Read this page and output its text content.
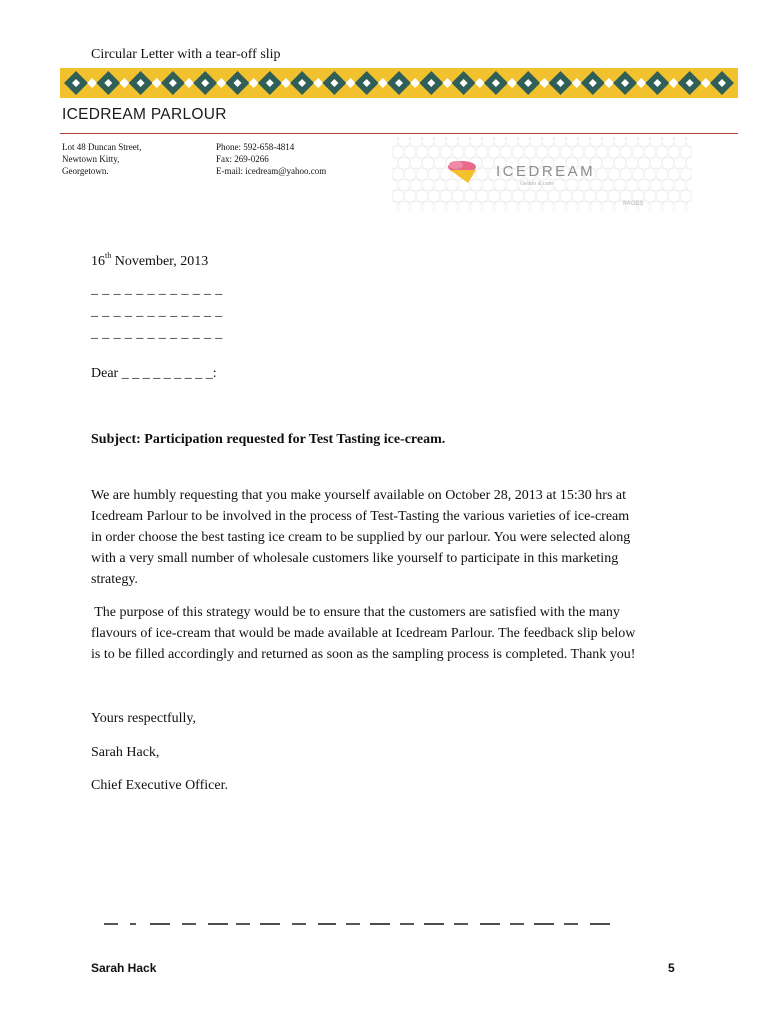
Circular Letter with a tear-off slip
ICEDREAM PARLOUR
Lot 48 Duncan Street,
Newtown Kitty,
Georgetown.
Phone: 592-658-4814
Fax: 269-0266
E-mail: icedream@yahoo.com	ICEDREAM
Gelato & cafe
PAGES
16th November, 2013
_ _ _ _ _ _ _ _ _ _ _ _
_ _ _ _ _ _ _ _ _ _ _ _
_ _ _ _ _ _ _ _ _ _ _ _
Dear _ _ _ _ _ _ _ _ _:
Subject: Participation requested for Test Tasting ice-cream.
We are humbly requesting that you make yourself available on October 28, 2013 at 15:30 hrs at
Icedream Parlour to be involved in the process of Test-Tasting the various varieties of ice-cream
in order choose the best tasting ice cream to be supplied by our parlour. You were selected along
with a very small number of wholesale customers like yourself to participate in this marketing
strategy.
The purpose of this strategy would be to ensure that the customers are satisfied with the many
flavours of ice-cream that would be made available at Icedream Parlour. The feedback slip below
is to be filled accordingly and returned as soon as the sampling process is completed. Thank you!
Yours respectfully,
Sarah Hack,
Chief Executive Officer.
Sarah Hack	5
